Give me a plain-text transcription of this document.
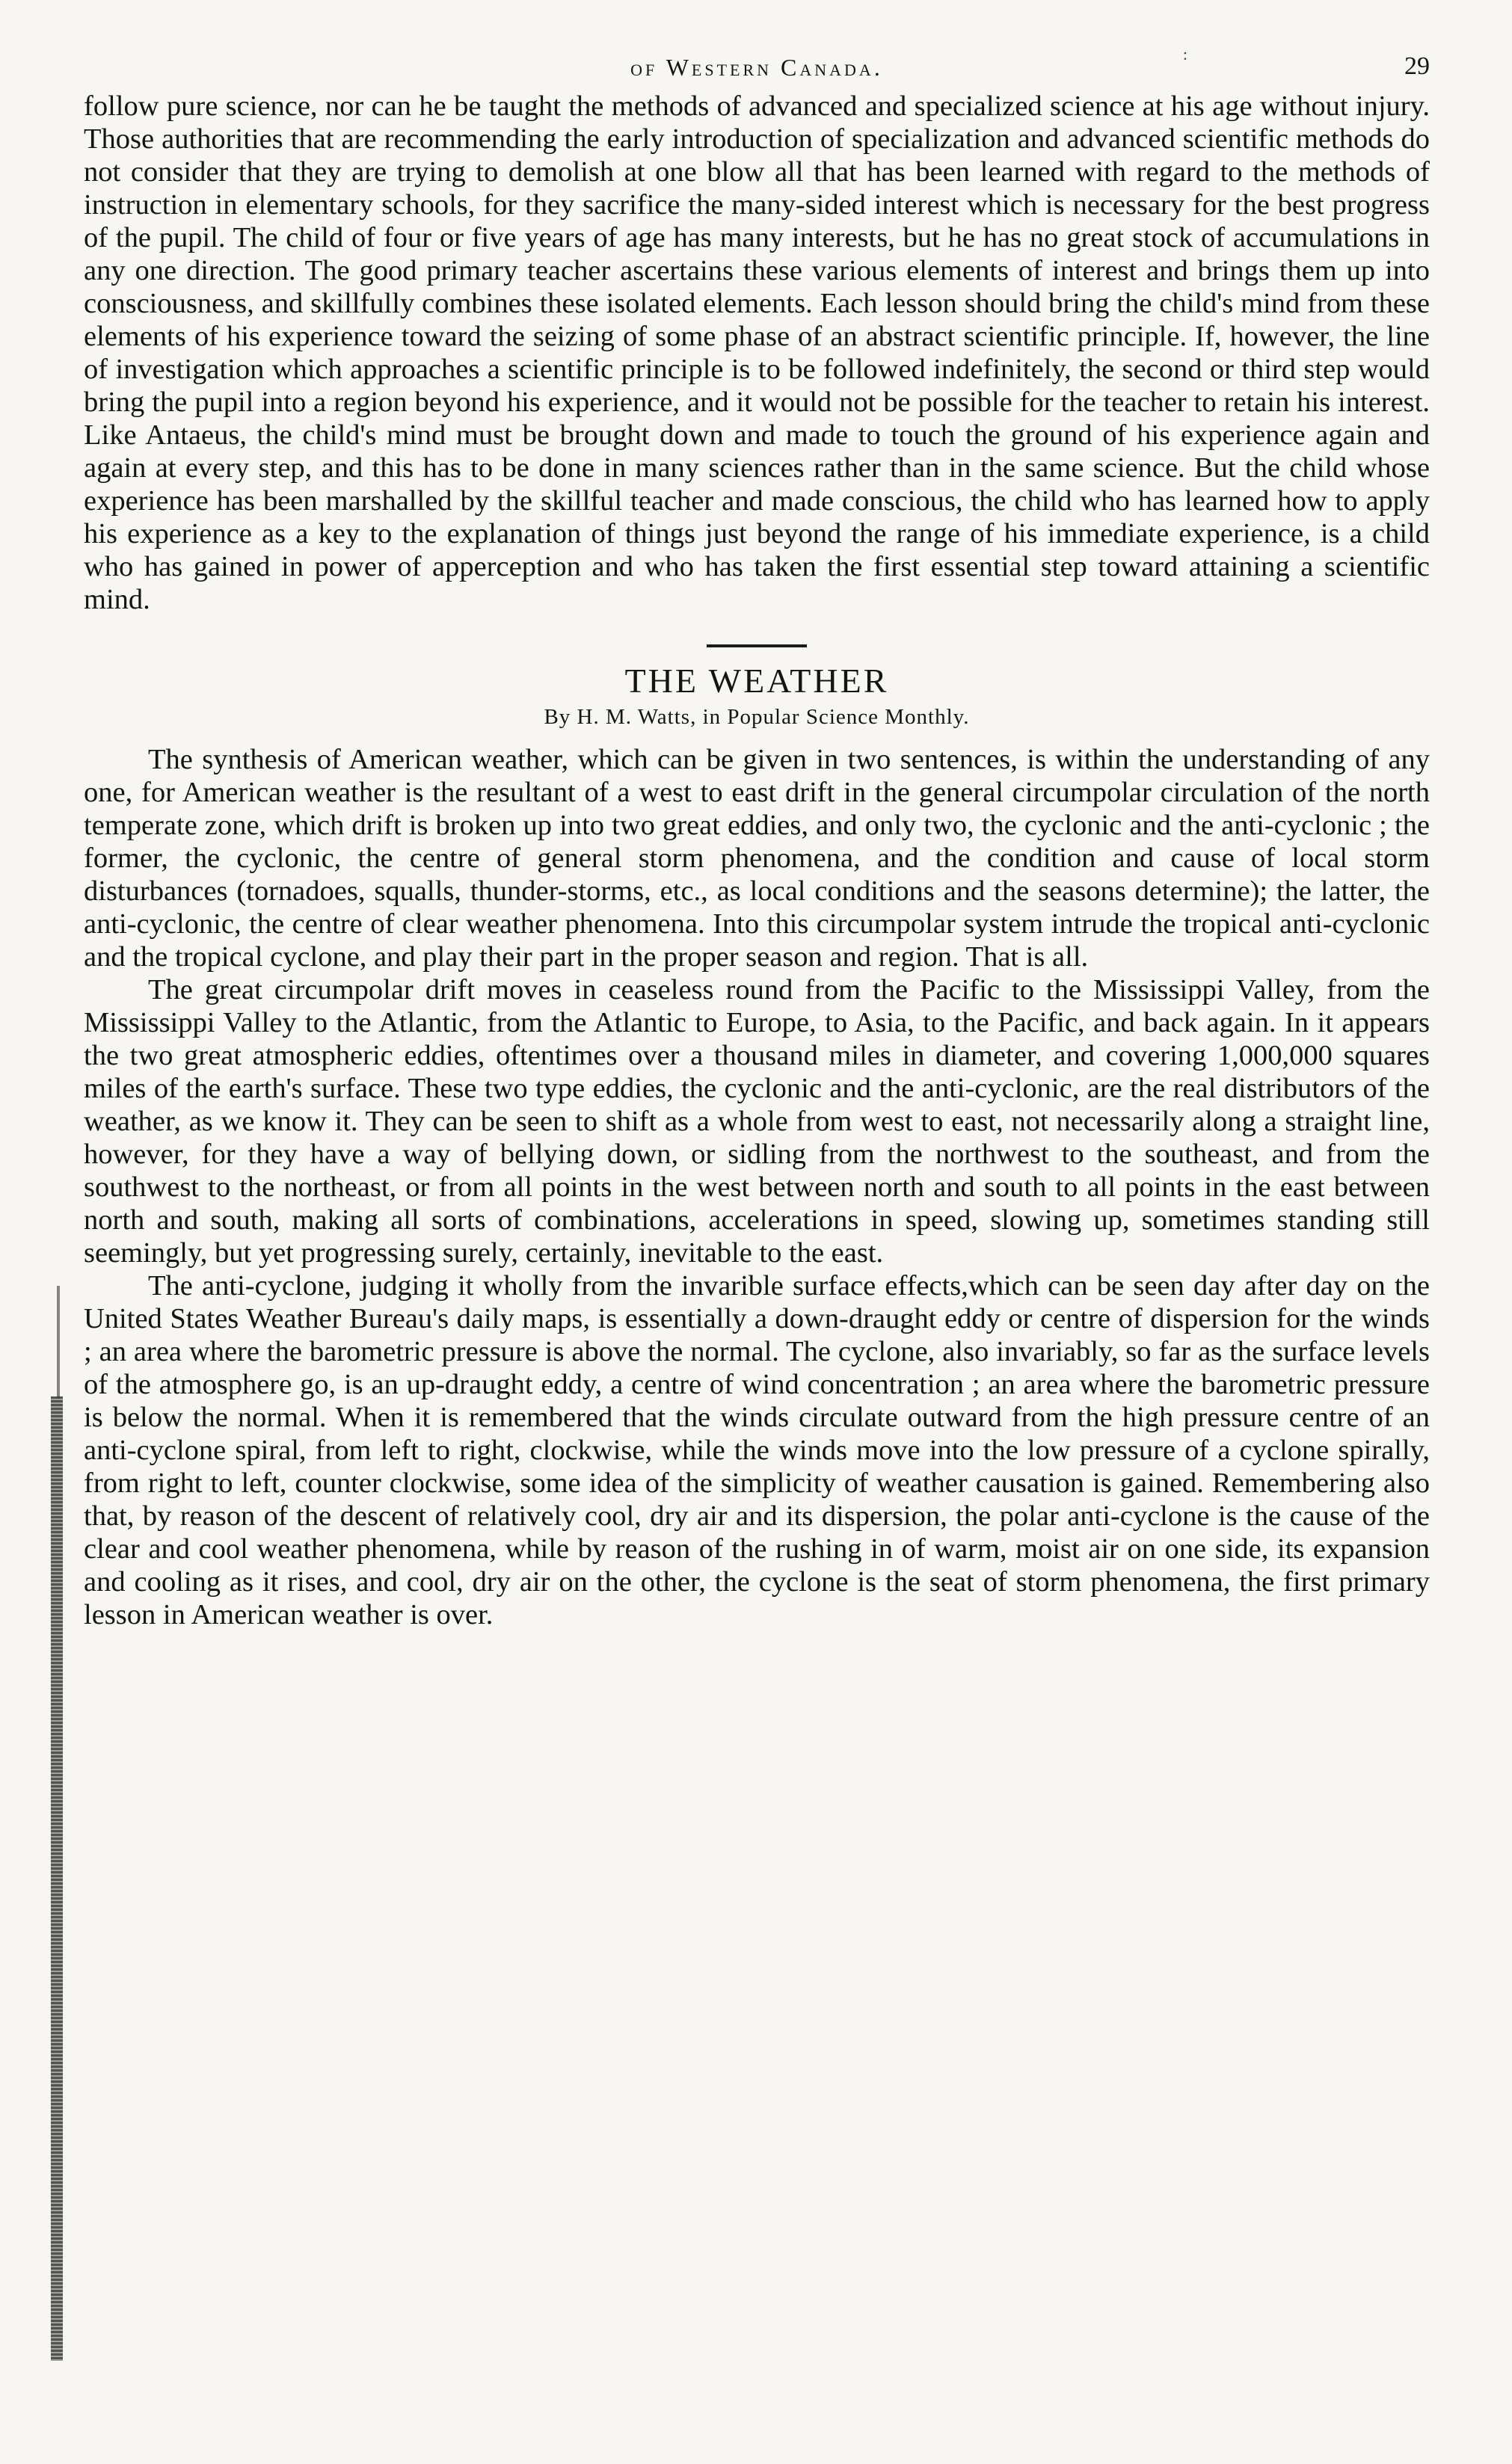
:
of Western Canada.	29

follow pure science, nor can he be taught the methods of advanced and specialized science at his age without injury. Those authorities that are recommending the early introduction of specialization and advanced scientific methods do not consider that they are trying to demolish at one blow all that has been learned with regard to the methods of instruction in elementary schools, for they sacrifice the many-sided interest which is necessary for the best progress of the pupil. The child of four or five years of age has many interests, but he has no great stock of accumulations in any one direction. The good primary teacher ascertains these various elements of interest and brings them up into consciousness, and skillfully combines these isolated elements. Each lesson should bring the child's mind from these elements of his experience toward the seizing of some phase of an abstract scientific principle. If, however, the line of investigation which approaches a scientific principle is to be followed indefinitely, the second or third step would bring the pupil into a region beyond his experience, and it would not be possible for the teacher to retain his interest. Like Antaeus, the child's mind must be brought down and made to touch the ground of his experience again and again at every step, and this has to be done in many sciences rather than in the same science. But the child whose experience has been marshalled by the skillful teacher and made conscious, the child who has learned how to apply his experience as a key to the explanation of things just beyond the range of his immediate experience, is a child who has gained in power of apperception and who has taken the first essential step toward attaining a scientific mind.

THE WEATHER
By H. M. Watts, in Popular Science Monthly.

The synthesis of American weather, which can be given in two sentences, is within the understanding of any one, for American weather is the resultant of a west to east drift in the general circumpolar circulation of the north temperate zone, which drift is broken up into two great eddies, and only two, the cyclonic and the anti-cyclonic ; the former, the cyclonic, the centre of general storm phenomena, and the condition and cause of local storm disturbances (tornadoes, squalls, thunder-storms, etc., as local conditions and the seasons determine); the latter, the anti-cyclonic, the centre of clear weather phenomena. Into this circumpolar system intrude the tropical anti-cyclonic and the tropical cyclone, and play their part in the proper season and region. That is all.

The great circumpolar drift moves in ceaseless round from the Pacific to the Mississippi Valley, from the Mississippi Valley to the Atlantic, from the Atlantic to Europe, to Asia, to the Pacific, and back again. In it appears the two great atmospheric eddies, oftentimes over a thousand miles in diameter, and covering 1,000,000 squares miles of the earth's surface. These two type eddies, the cyclonic and the anti-cyclonic, are the real distributors of the weather, as we know it. They can be seen to shift as a whole from west to east, not necessarily along a straight line, however, for they have a way of bellying down, or sidling from the northwest to the southeast, and from the southwest to the northeast, or from all points in the west between north and south to all points in the east between north and south, making all sorts of combinations, accelerations in speed, slowing up, sometimes standing still seemingly, but yet progressing surely, certainly, inevitable to the east.

The anti-cyclone, judging it wholly from the invarible surface effects,which can be seen day after day on the United States Weather Bureau's daily maps, is essentially a down-draught eddy or centre of dispersion for the winds ; an area where the barometric pressure is above the normal. The cyclone, also invariably, so far as the surface levels of the atmosphere go, is an up-draught eddy, a centre of wind concentration ; an area where the barometric pressure is below the normal. When it is remembered that the winds circulate outward from the high pressure centre of an anti-cyclone spiral, from left to right, clockwise, while the winds move into the low pressure of a cyclone spirally, from right to left, counter clockwise, some idea of the simplicity of weather causation is gained. Remembering also that, by reason of the descent of relatively cool, dry air and its dispersion, the polar anti-cyclone is the cause of the clear and cool weather phenomena, while by reason of the rushing in of warm, moist air on one side, its expansion and cooling as it rises, and cool, dry air on the other, the cyclone is the seat of storm phenomena, the first primary lesson in American weather is over.
